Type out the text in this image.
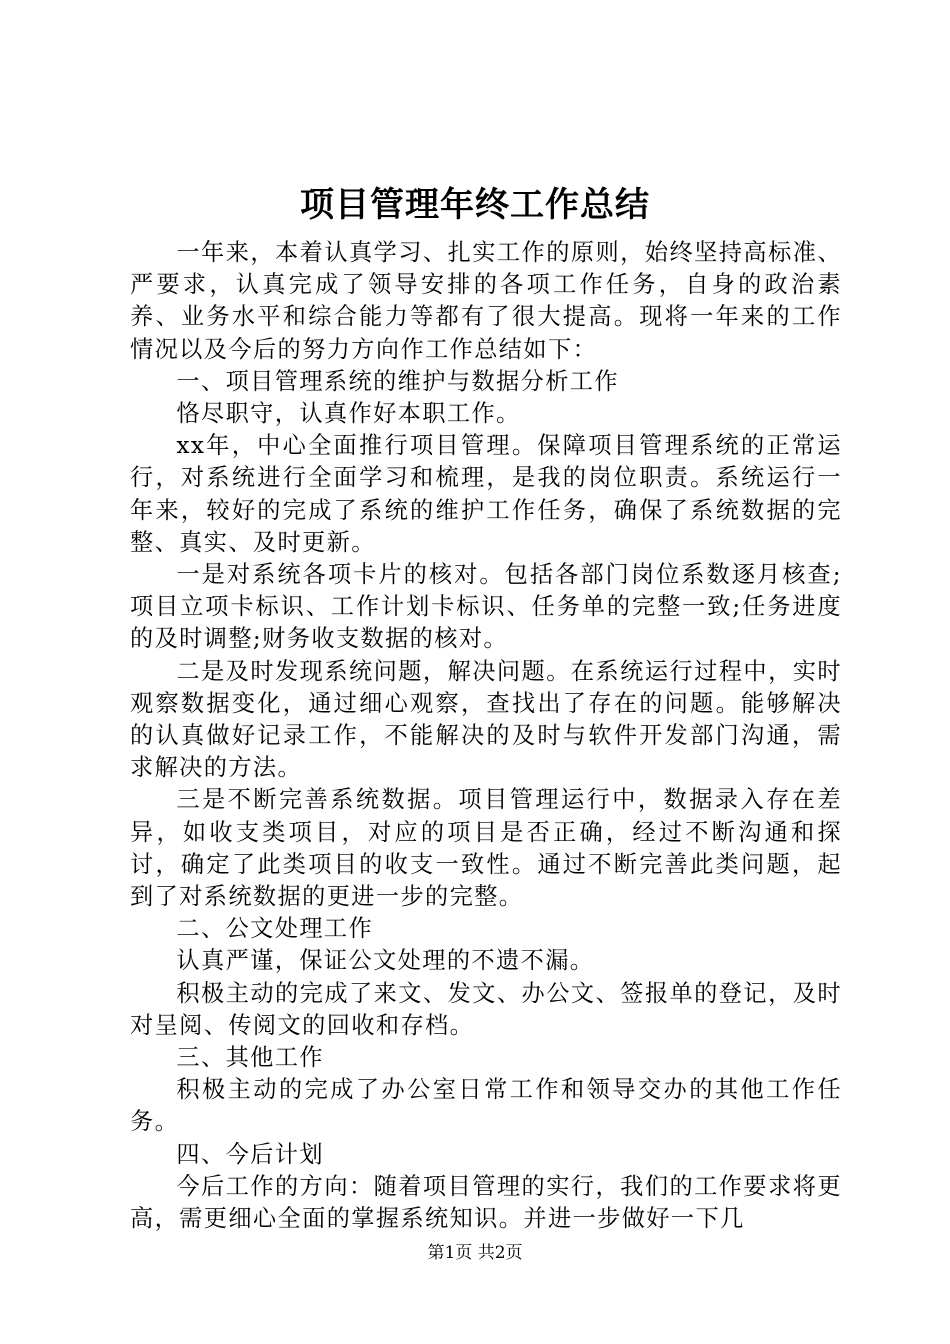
项目管理年终工作总结

一年来，本着认真学习、扎实工作的原则，始终坚持高标准、严要求，认真完成了领导安排的各项工作任务，自身的政治素养、业务水平和综合能力等都有了很大提高。现将一年来的工作情况以及今后的努力方向作工作总结如下：

一、项目管理系统的维护与数据分析工作

恪尽职守，认真作好本职工作。

xx年，中心全面推行项目管理。保障项目管理系统的正常运行，对系统进行全面学习和梳理，是我的岗位职责。系统运行一年来，较好的完成了系统的维护工作任务，确保了系统数据的完整、真实、及时更新。

一是对系统各项卡片的核对。包括各部门岗位系数逐月核查;项目立项卡标识、工作计划卡标识、任务单的完整一致;任务进度的及时调整;财务收支数据的核对。

二是及时发现系统问题，解决问题。在系统运行过程中，实时观察数据变化，通过细心观察，查找出了存在的问题。能够解决的认真做好记录工作，不能解决的及时与软件开发部门沟通，需求解决的方法。

三是不断完善系统数据。项目管理运行中，数据录入存在差异，如收支类项目，对应的项目是否正确，经过不断沟通和探讨，确定了此类项目的收支一致性。通过不断完善此类问题，起到了对系统数据的更进一步的完整。

二、公文处理工作

认真严谨，保证公文处理的不遗不漏。

积极主动的完成了来文、发文、办公文、签报单的登记，及时对呈阅、传阅文的回收和存档。

三、其他工作

积极主动的完成了办公室日常工作和领导交办的其他工作任务。

四、今后计划

今后工作的方向：随着项目管理的实行，我们的工作要求将更高，需更细心全面的掌握系统知识。并进一步做好一下几

第1页 共2页
